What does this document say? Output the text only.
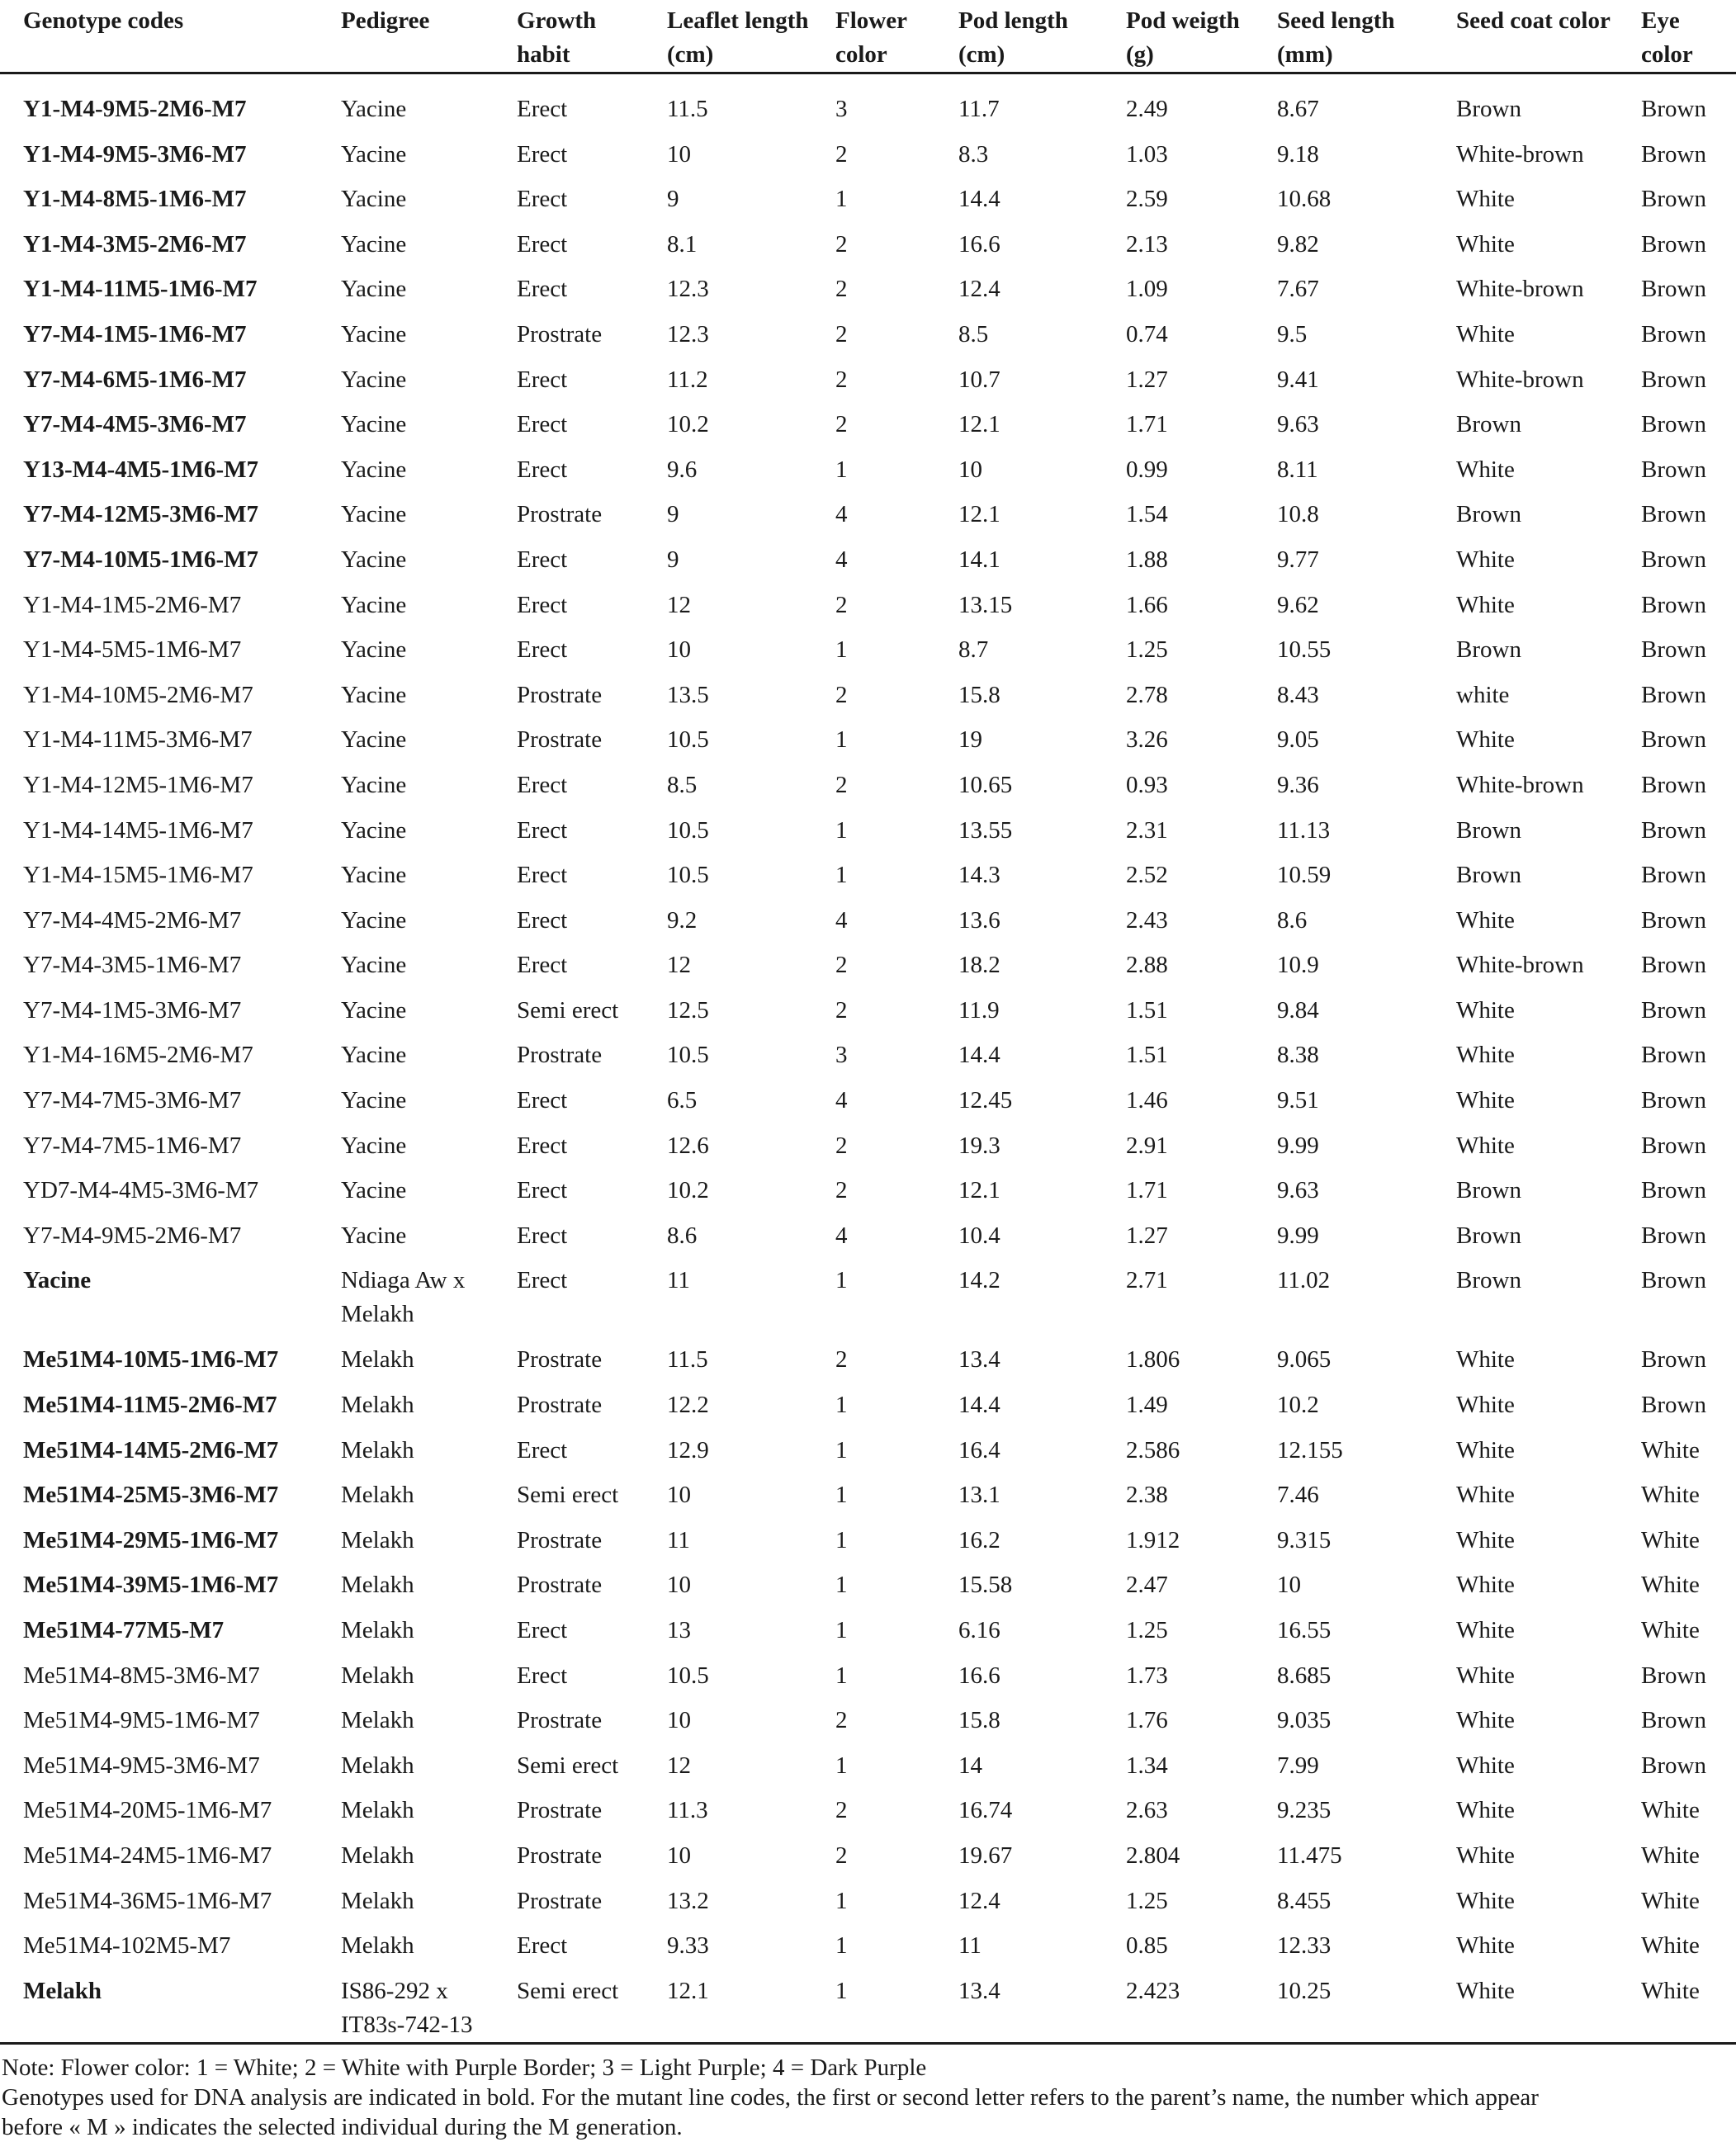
Genotype codes	Pedigree	Growth habit	Leaflet length (cm)	Flower color	Pod length (cm)	Pod weigth (g)	Seed length (mm)	Seed coat color	Eye color
Y1-M4-9M5-2M6-M7	Yacine	Erect	11.5	3	11.7	2.49	8.67	Brown	Brown
Y1-M4-9M5-3M6-M7	Yacine	Erect	10	2	8.3	1.03	9.18	White-brown	Brown
Y1-M4-8M5-1M6-M7	Yacine	Erect	9	1	14.4	2.59	10.68	White	Brown
Y1-M4-3M5-2M6-M7	Yacine	Erect	8.1	2	16.6	2.13	9.82	White	Brown
Y1-M4-11M5-1M6-M7	Yacine	Erect	12.3	2	12.4	1.09	7.67	White-brown	Brown
Y7-M4-1M5-1M6-M7	Yacine	Prostrate	12.3	2	8.5	0.74	9.5	White	Brown
Y7-M4-6M5-1M6-M7	Yacine	Erect	11.2	2	10.7	1.27	9.41	White-brown	Brown
Y7-M4-4M5-3M6-M7	Yacine	Erect	10.2	2	12.1	1.71	9.63	Brown	Brown
Y13-M4-4M5-1M6-M7	Yacine	Erect	9.6	1	10	0.99	8.11	White	Brown
Y7-M4-12M5-3M6-M7	Yacine	Prostrate	9	4	12.1	1.54	10.8	Brown	Brown
Y7-M4-10M5-1M6-M7	Yacine	Erect	9	4	14.1	1.88	9.77	White	Brown
Y1-M4-1M5-2M6-M7	Yacine	Erect	12	2	13.15	1.66	9.62	White	Brown
Y1-M4-5M5-1M6-M7	Yacine	Erect	10	1	8.7	1.25	10.55	Brown	Brown
Y1-M4-10M5-2M6-M7	Yacine	Prostrate	13.5	2	15.8	2.78	8.43	white	Brown
Y1-M4-11M5-3M6-M7	Yacine	Prostrate	10.5	1	19	3.26	9.05	White	Brown
Y1-M4-12M5-1M6-M7	Yacine	Erect	8.5	2	10.65	0.93	9.36	White-brown	Brown
Y1-M4-14M5-1M6-M7	Yacine	Erect	10.5	1	13.55	2.31	11.13	Brown	Brown
Y1-M4-15M5-1M6-M7	Yacine	Erect	10.5	1	14.3	2.52	10.59	Brown	Brown
Y7-M4-4M5-2M6-M7	Yacine	Erect	9.2	4	13.6	2.43	8.6	White	Brown
Y7-M4-3M5-1M6-M7	Yacine	Erect	12	2	18.2	2.88	10.9	White-brown	Brown
Y7-M4-1M5-3M6-M7	Yacine	Semi erect	12.5	2	11.9	1.51	9.84	White	Brown
Y1-M4-16M5-2M6-M7	Yacine	Prostrate	10.5	3	14.4	1.51	8.38	White	Brown
Y7-M4-7M5-3M6-M7	Yacine	Erect	6.5	4	12.45	1.46	9.51	White	Brown
Y7-M4-7M5-1M6-M7	Yacine	Erect	12.6	2	19.3	2.91	9.99	White	Brown
YD7-M4-4M5-3M6-M7	Yacine	Erect	10.2	2	12.1	1.71	9.63	Brown	Brown
Y7-M4-9M5-2M6-M7	Yacine	Erect	8.6	4	10.4	1.27	9.99	Brown	Brown
Yacine	Ndiaga Aw x Melakh	Erect	11	1	14.2	2.71	11.02	Brown	Brown
Me51M4-10M5-1M6-M7	Melakh	Prostrate	11.5	2	13.4	1.806	9.065	White	Brown
Me51M4-11M5-2M6-M7	Melakh	Prostrate	12.2	1	14.4	1.49	10.2	White	Brown
Me51M4-14M5-2M6-M7	Melakh	Erect	12.9	1	16.4	2.586	12.155	White	White
Me51M4-25M5-3M6-M7	Melakh	Semi erect	10	1	13.1	2.38	7.46	White	White
Me51M4-29M5-1M6-M7	Melakh	Prostrate	11	1	16.2	1.912	9.315	White	White
Me51M4-39M5-1M6-M7	Melakh	Prostrate	10	1	15.58	2.47	10	White	White
Me51M4-77M5-M7	Melakh	Erect	13	1	6.16	1.25	16.55	White	White
Me51M4-8M5-3M6-M7	Melakh	Erect	10.5	1	16.6	1.73	8.685	White	Brown
Me51M4-9M5-1M6-M7	Melakh	Prostrate	10	2	15.8	1.76	9.035	White	Brown
Me51M4-9M5-3M6-M7	Melakh	Semi erect	12	1	14	1.34	7.99	White	Brown
Me51M4-20M5-1M6-M7	Melakh	Prostrate	11.3	2	16.74	2.63	9.235	White	White
Me51M4-24M5-1M6-M7	Melakh	Prostrate	10	2	19.67	2.804	11.475	White	White
Me51M4-36M5-1M6-M7	Melakh	Prostrate	13.2	1	12.4	1.25	8.455	White	White
Me51M4-102M5-M7	Melakh	Erect	9.33	1	11	0.85	12.33	White	White
Melakh	IS86-292 x IT83s-742-13	Semi erect	12.1	1	13.4	2.423	10.25	White	White
Note: Flower color: 1 = White; 2 = White with Purple Border; 3 = Light Purple; 4 = Dark Purple
Genotypes used for DNA analysis are indicated in bold. For the mutant line codes, the first or second letter refers to the parent’s name, the number which appear
before « M » indicates the selected individual during the M generation.
